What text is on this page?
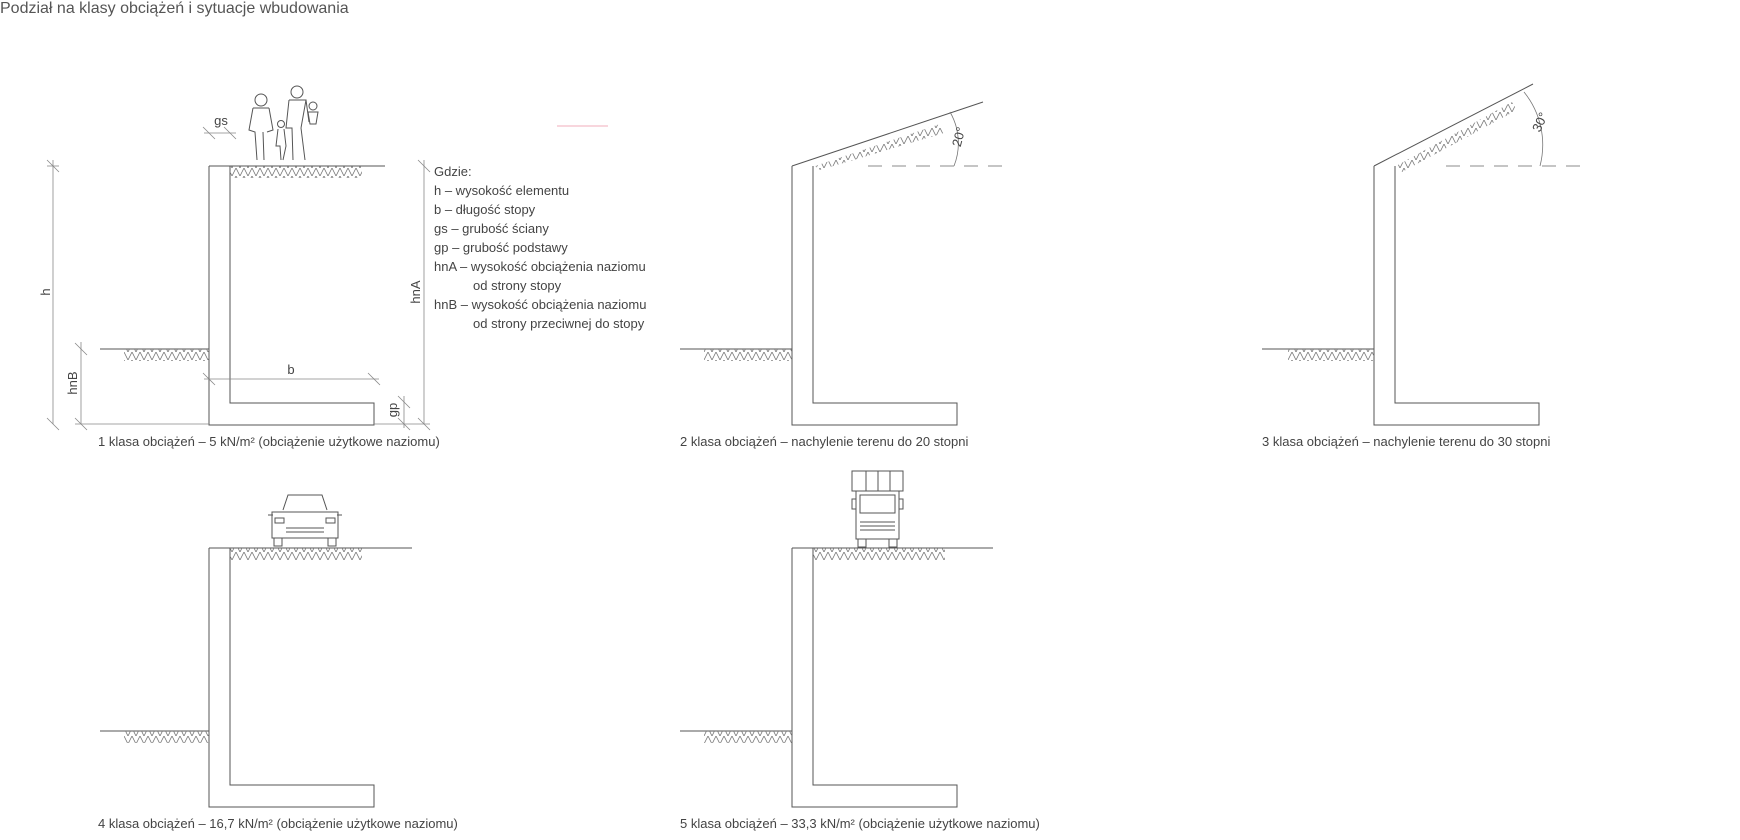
Podział na klasy obciążeń i sytuacje wbudowania
h
hnB
hnA
b
gs
gp
20°
30°
Gdzie:
h – wysokość elementu
b – długość stopy
gs – grubość ściany
gp – grubość podstawy
hnA – wysokość obciążenia naziomu
od strony stopy
hnB – wysokość obciążenia naziomu
od strony przeciwnej do stopy
1 klasa obciążeń – 5 kN/m² (obciążenie użytkowe naziomu)	2 klasa obciążeń – nachylenie terenu do 20 stopni	3 klasa obciążeń – nachylenie terenu do 30 stopni
4 klasa obciążeń – 16,7 kN/m² (obciążenie użytkowe naziomu)	5 klasa obciążeń – 33,3 kN/m² (obciążenie użytkowe naziomu)
